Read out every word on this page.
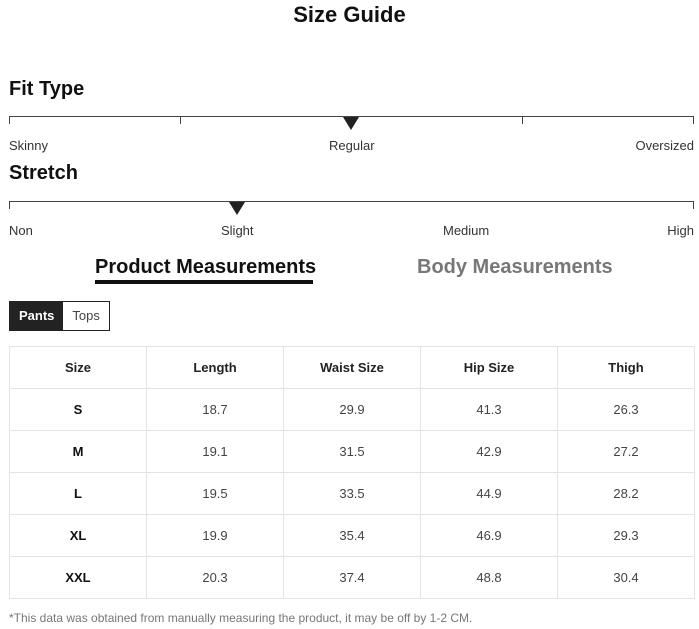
Size Guide
Fit Type
Skinny	Regular	Oversized
Stretch
Non	Slight	Medium	High
Product Measurements	Body Measurements
Pants	Tops
Size	Length	Waist Size	Hip Size	Thigh
S	18.7	29.9	41.3	26.3
M	19.1	31.5	42.9	27.2
L	19.5	33.5	44.9	28.2
XL	19.9	35.4	46.9	29.3
XXL	20.3	37.4	48.8	30.4
*This data was obtained from manually measuring the product, it may be off by 1-2 CM.
